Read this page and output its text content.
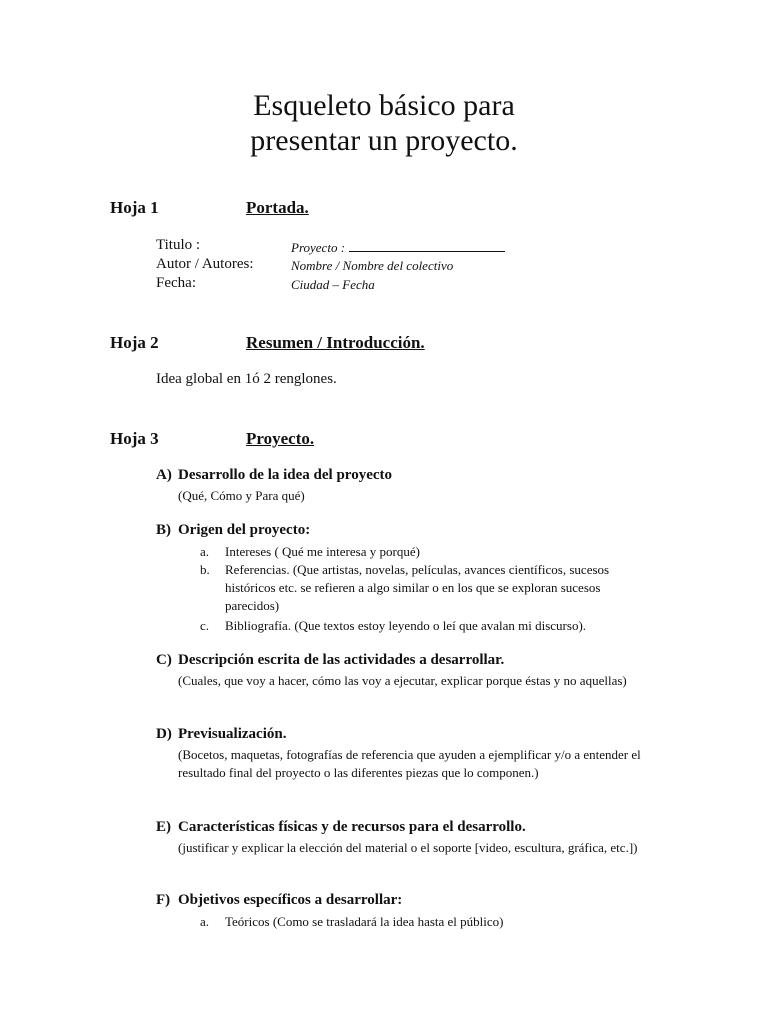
Esqueleto básico para
presentar un proyecto.
Hoja 1	Portada.
Titulo :	Proyecto :
Autor / Autores:	Nombre / Nombre del colectivo
Fecha:	Ciudad – Fecha
Hoja 2	Resumen / Introducción.
Idea global en 1ó 2 renglones.
Hoja 3	Proyecto.
A) Desarrollo de la idea del proyecto
(Qué, Cómo y Para qué)
B) Origen del proyecto:
a. Intereses ( Qué me interesa y porqué)
b. Referencias. (Que artistas, novelas, películas, avances científicos, sucesos históricos etc. se refieren a algo similar o en los que se exploran sucesos parecidos)
c. Bibliografía. (Que textos estoy leyendo o leí que avalan mi discurso).
C) Descripción escrita de las actividades a desarrollar.
(Cuales, que voy a hacer, cómo las voy a ejecutar, explicar porque éstas y no aquellas)
D) Previsualización.
(Bocetos, maquetas, fotografías de referencia que ayuden a ejemplificar y/o a entender el resultado final del proyecto o las diferentes piezas que lo componen.)
E) Características físicas y de recursos para el desarrollo.
(justificar y explicar la elección del material o el soporte [video, escultura, gráfica, etc.])
F) Objetivos específicos a desarrollar:
a. Teóricos (Como se trasladará la idea hasta el público)
